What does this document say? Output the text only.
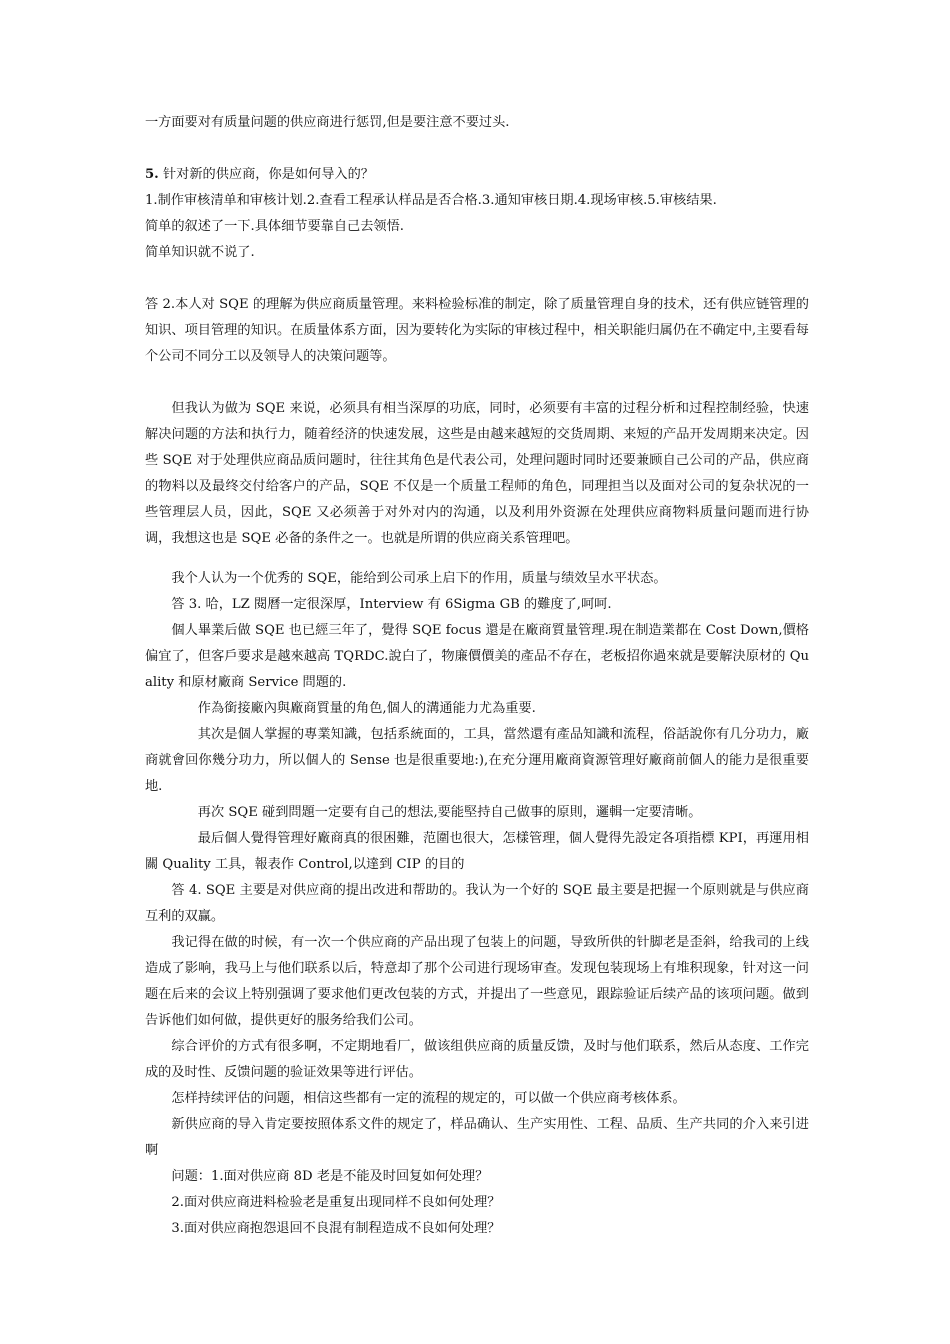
一方面要对有质量问题的供应商进行惩罚,但是要注意不要过头.

5. 针对新的供应商，你是如何导入的？

1.制作审核清单和审核计划.2.查看工程承认样品是否合格.3.通知审核日期.4.现场审核.5.审核结果.

简单的叙述了一下.具体细节要靠自己去领悟.

简单知识就不说了.

答 2.本人对 SQE 的理解为供应商质量管理。来料检验标准的制定，除了质量管理自身的技术，还有供应链管理的知识、项目管理的知识。在质量体系方面，因为要转化为实际的审核过程中，相关职能归属仍在不确定中,主要看每个公司不同分工以及领导人的决策问题等。

但我认为做为 SQE 来说，必须具有相当深厚的功底，同时，必须要有丰富的过程分析和过程控制经验，快速解决问题的方法和执行力，随着经济的快速发展，这些是由越来越短的交货周期、来短的产品开发周期来决定。因些 SQE 对于处理供应商品质问题时，往往其角色是代表公司，处理问题时同时还要兼顾自己公司的产品，供应商的物料以及最终交付给客户的产品，SQE 不仅是一个质量工程师的角色，同理担当以及面对公司的复杂状况的一些管理层人员，因此，SQE 又必须善于对外对内的沟通，以及利用外资源在处理供应商物料质量问题而进行协调，我想这也是 SQE 必备的条件之一。也就是所谓的供应商关系管理吧。

我个人认为一个优秀的 SQE，能给到公司承上启下的作用，质量与绩效呈水平状态。

答 3. 哈，LZ 閱曆一定很深厚，Interview 有 6Sigma GB 的難度了,呵呵.

個人畢業后做 SQE 也已經三年了，覺得 SQE focus 還是在廠商質量管理.現在制造業都在 Cost Down,價格偏宜了，但客戶要求是越來越高 TQRDC.說白了，物廉價價美的產品不存在，老板招你過來就是要解決原材的 Quality 和原材廠商 Service 問題的.

作為銜接廠內與廠商質量的角色,個人的溝通能力尤為重要.

其次是個人掌握的專業知識，包括系統面的，工具，當然還有產品知識和流程，俗話說你有几分功力，廠商就會回你幾分功力，所以個人的 Sense 也是很重要地:),在充分運用廠商資源管理好廠商前個人的能力是很重要地.

再次 SQE 碰到問題一定要有自己的想法,要能堅持自己做事的原則，邏輯一定要清晰。

最后個人覺得管理好廠商真的很困難，范圍也很大，怎樣管理，個人覺得先設定各項指標 KPI，再運用相關 Quality 工具，報表作 Control,以達到 CIP 的目的

答 4. SQE 主要是对供应商的提出改进和帮助的。我认为一个好的 SQE 最主要是把握一个原则就是与供应商互利的双赢。

我记得在做的时候，有一次一个供应商的产品出现了包装上的问题，导致所供的针脚老是歪斜，给我司的上线造成了影响，我马上与他们联系以后，特意却了那个公司进行现场审查。发现包装现场上有堆积现象，针对这一问题在后来的会议上特别强调了要求他们更改包装的方式，并提出了一些意见，跟踪验证后续产品的该项问题。做到告诉他们如何做，提供更好的服务给我们公司。

综合评价的方式有很多啊，不定期地看厂，做该组供应商的质量反馈，及时与他们联系，然后从态度、工作完成的及时性、反馈问题的验证效果等进行评估。

怎样持续评估的问题，相信这些都有一定的流程的规定的，可以做一个供应商考核体系。

新供应商的导入肯定要按照体系文件的规定了，样品确认、生产实用性、工程、品质、生产共同的介入来引进啊

问题：1.面对供应商 8D 老是不能及时回复如何处理？

2.面对供应商进料检验老是重复出现同样不良如何处理？

3.面对供应商抱怨退回不良混有制程造成不良如何处理？
